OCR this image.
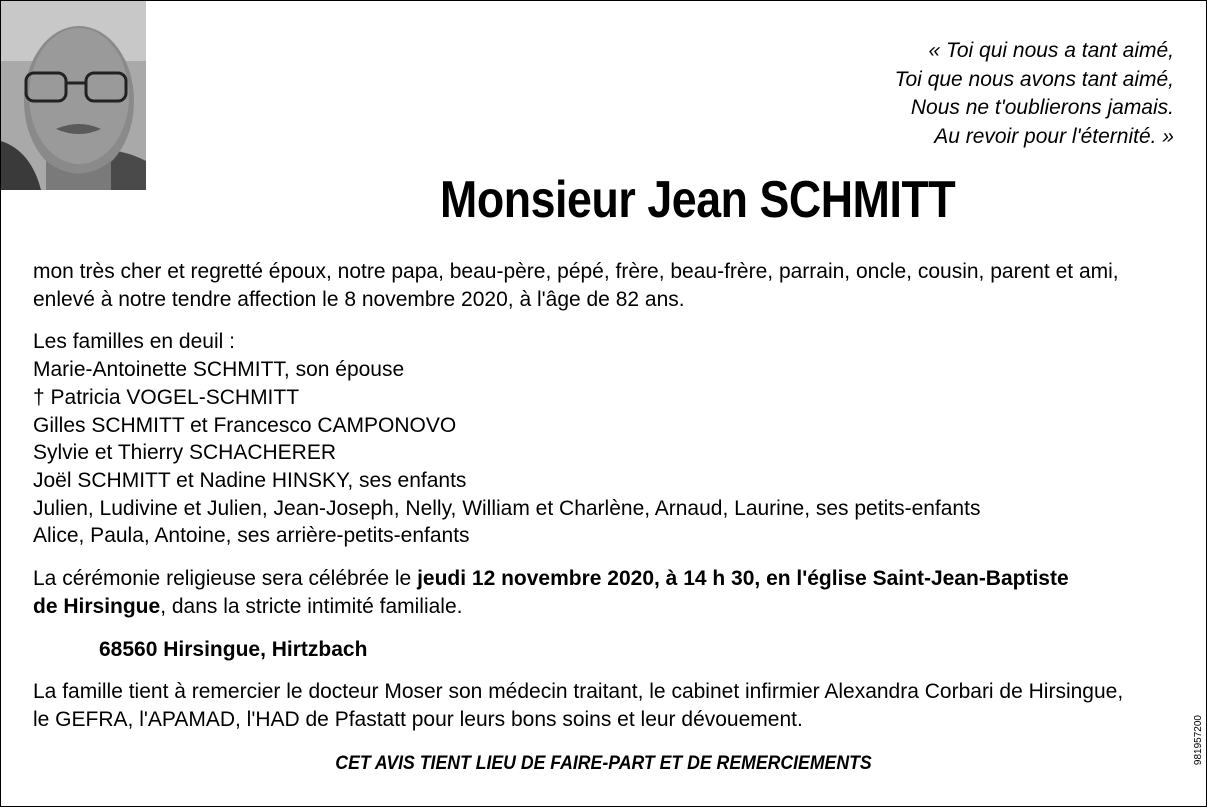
« Toi qui nous a tant aimé,
Toi que nous avons tant aimé,
Nous ne t'oublierons jamais.
Au revoir pour l'éternité. »
Monsieur Jean SCHMITT

mon très cher et regretté époux, notre papa, beau-père, pépé, frère, beau-frère, parrain, oncle, cousin, parent et ami,

enlevé à notre tendre affection le 8 novembre 2020, à l'âge de 82 ans.

Les familles en deuil :

Marie-Antoinette SCHMITT, son épouse

† Patricia VOGEL-SCHMITT

Gilles SCHMITT et Francesco CAMPONOVO

Sylvie et Thierry SCHACHERER

Joël SCHMITT et Nadine HINSKY, ses enfants

Julien, Ludivine et Julien, Jean-Joseph, Nelly, William et Charlène, Arnaud, Laurine, ses petits-enfants

Alice, Paula, Antoine, ses arrière-petits-enfants

La cérémonie religieuse sera célébrée le jeudi 12 novembre 2020, à 14 h 30, en l'église Saint-Jean-Baptiste

de Hirsingue, dans la stricte intimité familiale.

68560 Hirsingue, Hirtzbach

La famille tient à remercier le docteur Moser son médecin traitant, le cabinet infirmier Alexandra Corbari de Hirsingue,

le GEFRA, l'APAMAD, l'HAD de Pfastatt pour leurs bons soins et leur dévouement.

CET AVIS TIENT LIEU DE FAIRE-PART ET DE REMERCIEMENTS	981957200
